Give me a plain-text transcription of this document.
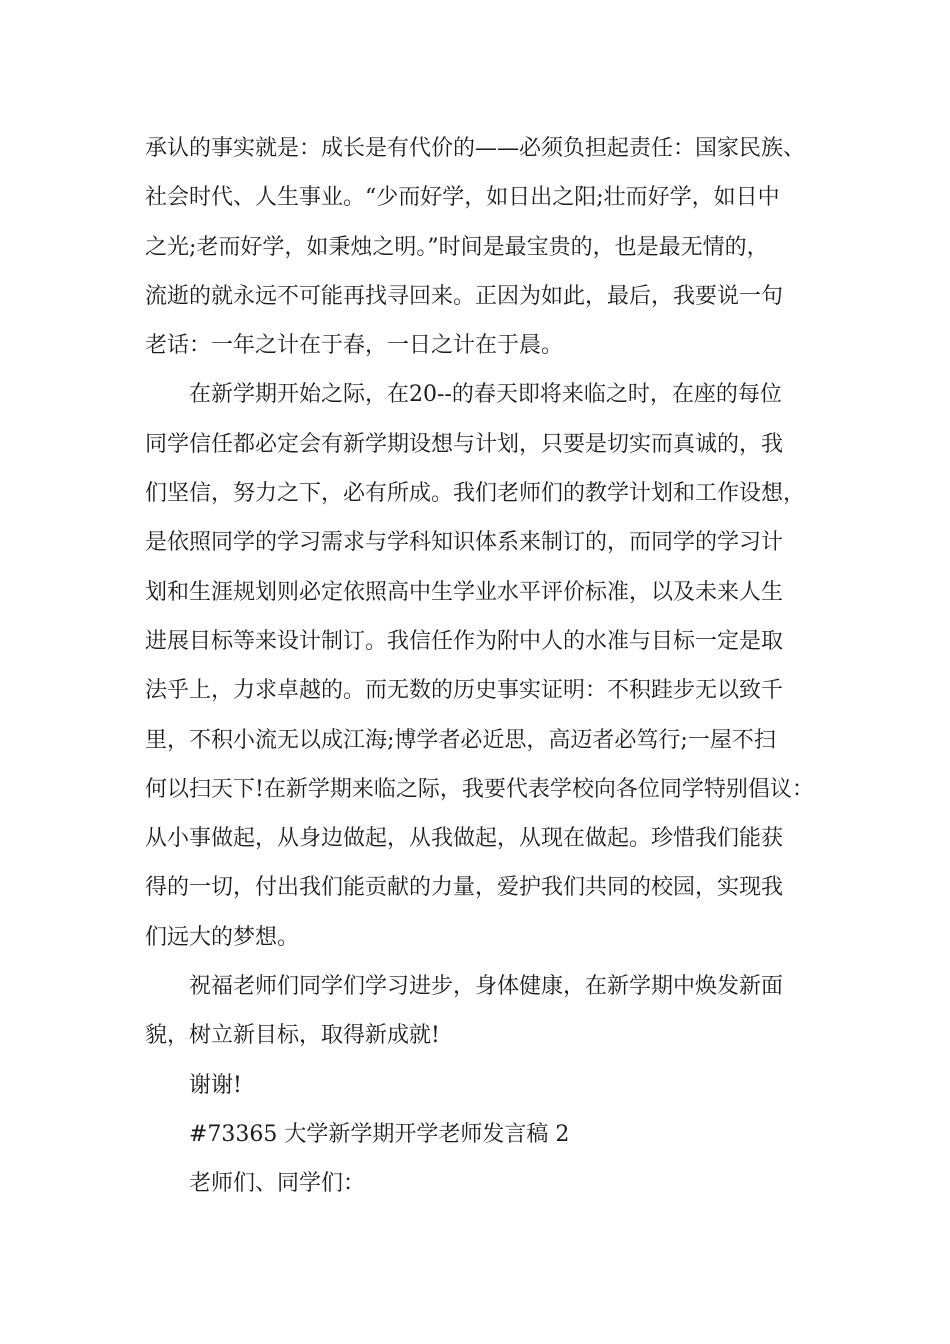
承认的事实就是：成长是有代价的——必须负担起责任：国家民族、
社会时代、人生事业。“少而好学，如日出之阳;壮而好学，如日中
之光;老而好学，如秉烛之明。”时间是最宝贵的，也是最无情的，
流逝的就永远不可能再找寻回来。正因为如此，最后，我要说一句
老话：一年之计在于春，一日之计在于晨。
在新学期开始之际，在20--的春天即将来临之时，在座的每位
同学信任都必定会有新学期设想与计划，只要是切实而真诚的，我
们坚信，努力之下，必有所成。我们老师们的教学计划和工作设想，
是依照同学的学习需求与学科知识体系来制订的，而同学的学习计
划和生涯规划则必定依照高中生学业水平评价标准，以及未来人生
进展目标等来设计制订。我信任作为附中人的水准与目标一定是取
法乎上，力求卓越的。而无数的历史事实证明：不积跬步无以致千
里，不积小流无以成江海;博学者必近思，高迈者必笃行;一屋不扫
何以扫天下!在新学期来临之际，我要代表学校向各位同学特别倡议：
从小事做起，从身边做起，从我做起，从现在做起。珍惜我们能获
得的一切，付出我们能贡献的力量，爱护我们共同的校园，实现我
们远大的梦想。
祝福老师们同学们学习进步，身体健康，在新学期中焕发新面
貌，树立新目标，取得新成就!
谢谢!
#73365 大学新学期开学老师发言稿 2
老师们、同学们：
